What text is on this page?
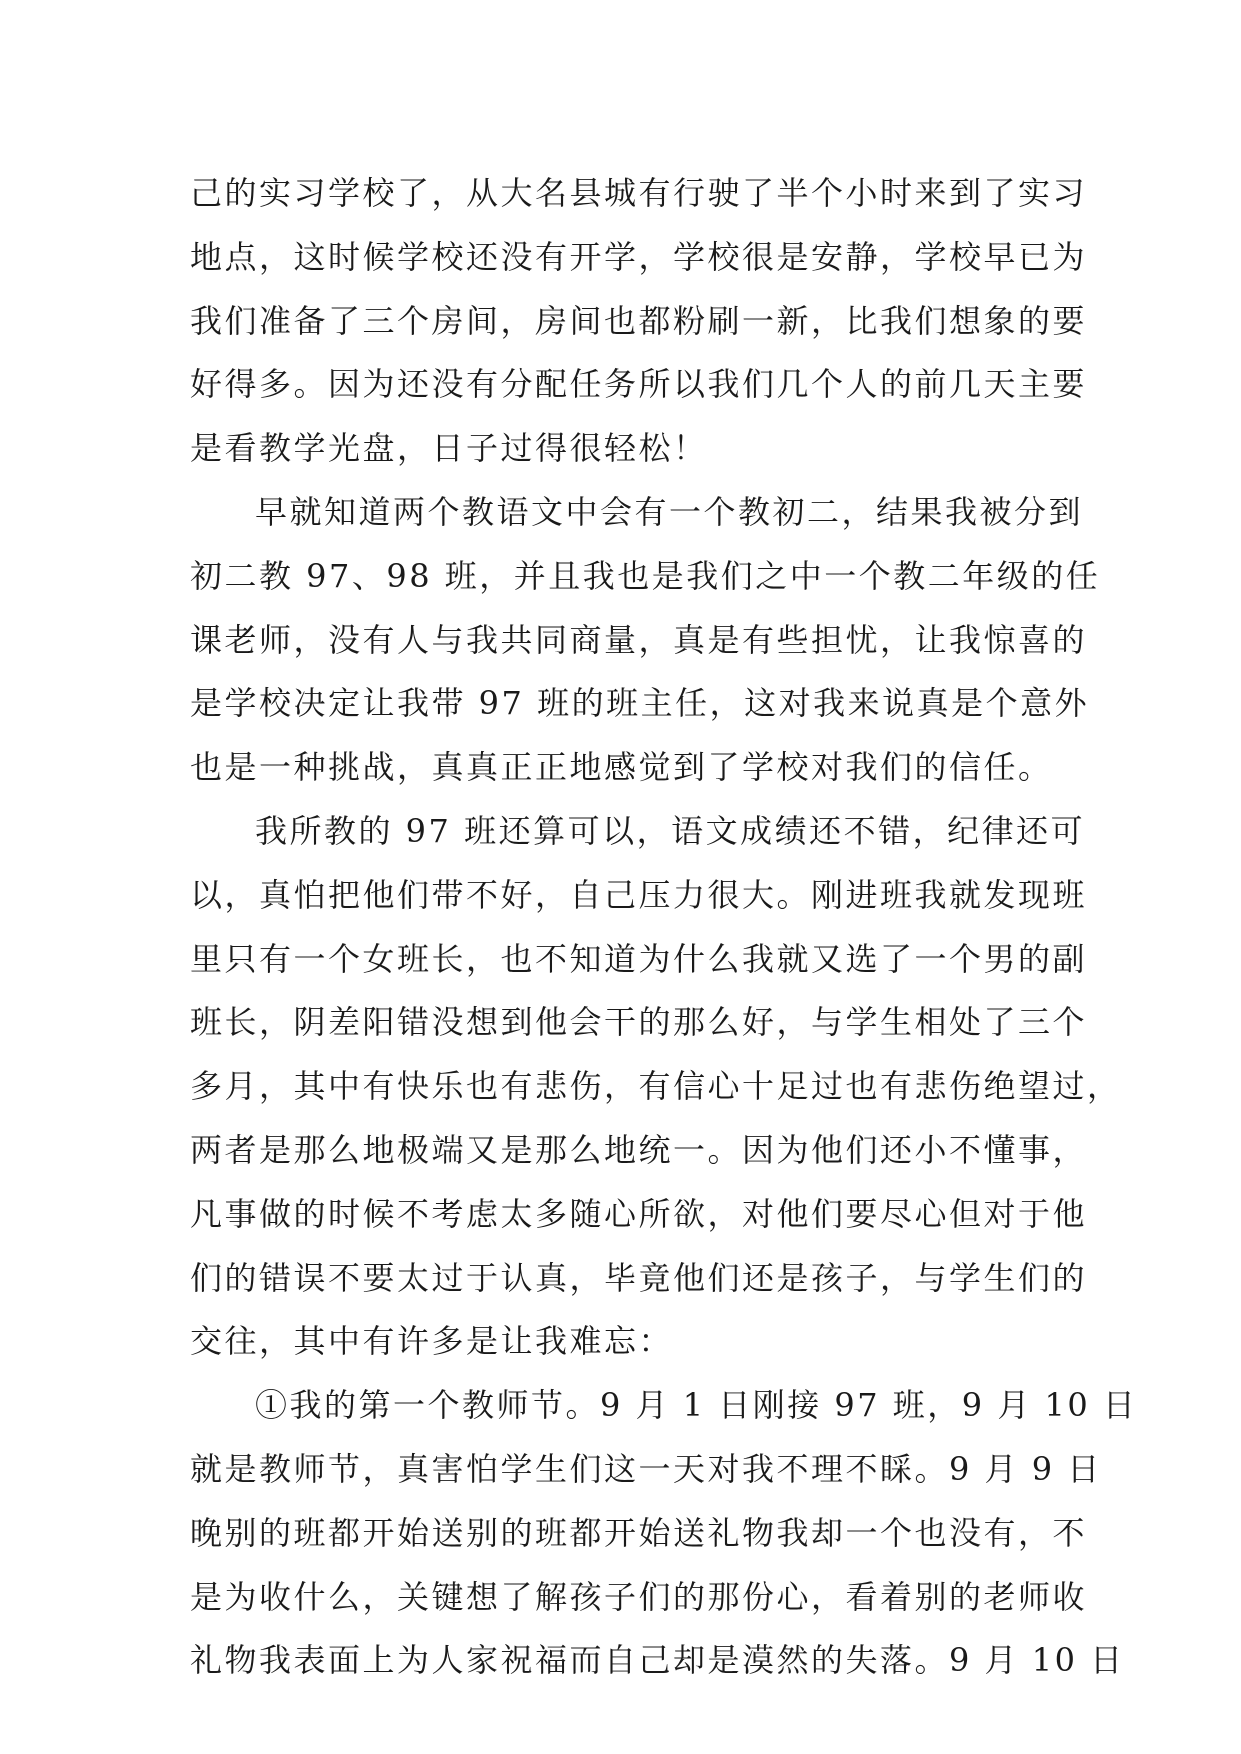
己的实习学校了，从大名县城有行驶了半个小时来到了实习
地点，这时候学校还没有开学，学校很是安静，学校早已为
我们准备了三个房间，房间也都粉刷一新，比我们想象的要
好得多。因为还没有分配任务所以我们几个人的前几天主要
是看教学光盘，日子过得很轻松！
早就知道两个教语文中会有一个教初二，结果我被分到
初二教 97、98 班，并且我也是我们之中一个教二年级的任
课老师，没有人与我共同商量，真是有些担忧，让我惊喜的
是学校决定让我带 97 班的班主任，这对我来说真是个意外
也是一种挑战，真真正正地感觉到了学校对我们的信任。
我所教的 97 班还算可以，语文成绩还不错，纪律还可
以，真怕把他们带不好，自己压力很大。刚进班我就发现班
里只有一个女班长，也不知道为什么我就又选了一个男的副
班长，阴差阳错没想到他会干的那么好，与学生相处了三个
多月，其中有快乐也有悲伤，有信心十足过也有悲伤绝望过，
两者是那么地极端又是那么地统一。因为他们还小不懂事，
凡事做的时候不考虑太多随心所欲，对他们要尽心但对于他
们的错误不要太过于认真，毕竟他们还是孩子，与学生们的
交往，其中有许多是让我难忘：
①我的第一个教师节。9 月 1 日刚接 97 班，9 月 10 日
就是教师节，真害怕学生们这一天对我不理不睬。9 月 9 日
晚别的班都开始送别的班都开始送礼物我却一个也没有，不
是为收什么，关键想了解孩子们的那份心，看着别的老师收
礼物我表面上为人家祝福而自己却是漠然的失落。9 月 10 日
